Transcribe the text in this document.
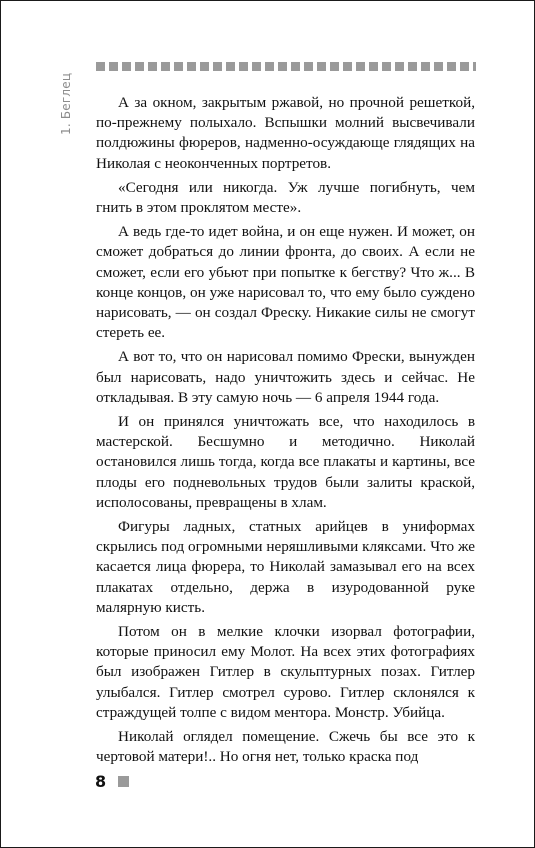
1. Беглец	А за окном, закрытым ржавой, но прочной решеткой, по-прежнему полыхало. Вспышки молний высвечивали полдюжины фюреров, надменно-осуждающе глядящих на Николая с неоконченных портретов.

«Сегодня или никогда. Уж лучше погибнуть, чем гнить в этом проклятом месте».

А ведь где-то идет война, и он еще нужен. И может, он сможет добраться до линии фронта, до своих. А если не сможет, если его убьют при попытке к бегству? Что ж... В конце концов, он уже нарисовал то, что ему было суждено нарисовать, — он создал Фреску. Никакие силы не смогут стереть ее.

А вот то, что он нарисовал помимо Фрески, вынужден был нарисовать, надо уничтожить здесь и сейчас. Не откладывая. В эту самую ночь — 6 апреля 1944 года.

И он принялся уничтожать все, что находилось в мастерской. Бесшумно и методично. Николай остановился лишь тогда, когда все плакаты и картины, все плоды его подневольных трудов были залиты краской, исполосованы, превращены в хлам.

Фигуры ладных, статных арийцев в униформах скрылись под огромными неряшливыми кляксами. Что же касается лица фюрера, то Николай замазывал его на всех плакатах отдельно, держа в изуродованной руке малярную кисть.

Потом он в мелкие клочки изорвал фотографии, которые приносил ему Молот. На всех этих фотографиях был изображен Гитлер в скульптурных позах. Гитлер улыбался. Гитлер смотрел сурово. Гитлер склонялся к страждущей толпе с видом ментора. Монстр. Убийца.

Николай оглядел помещение. Сжечь бы все это к чертовой матери!.. Но огня нет, только краска под

8
